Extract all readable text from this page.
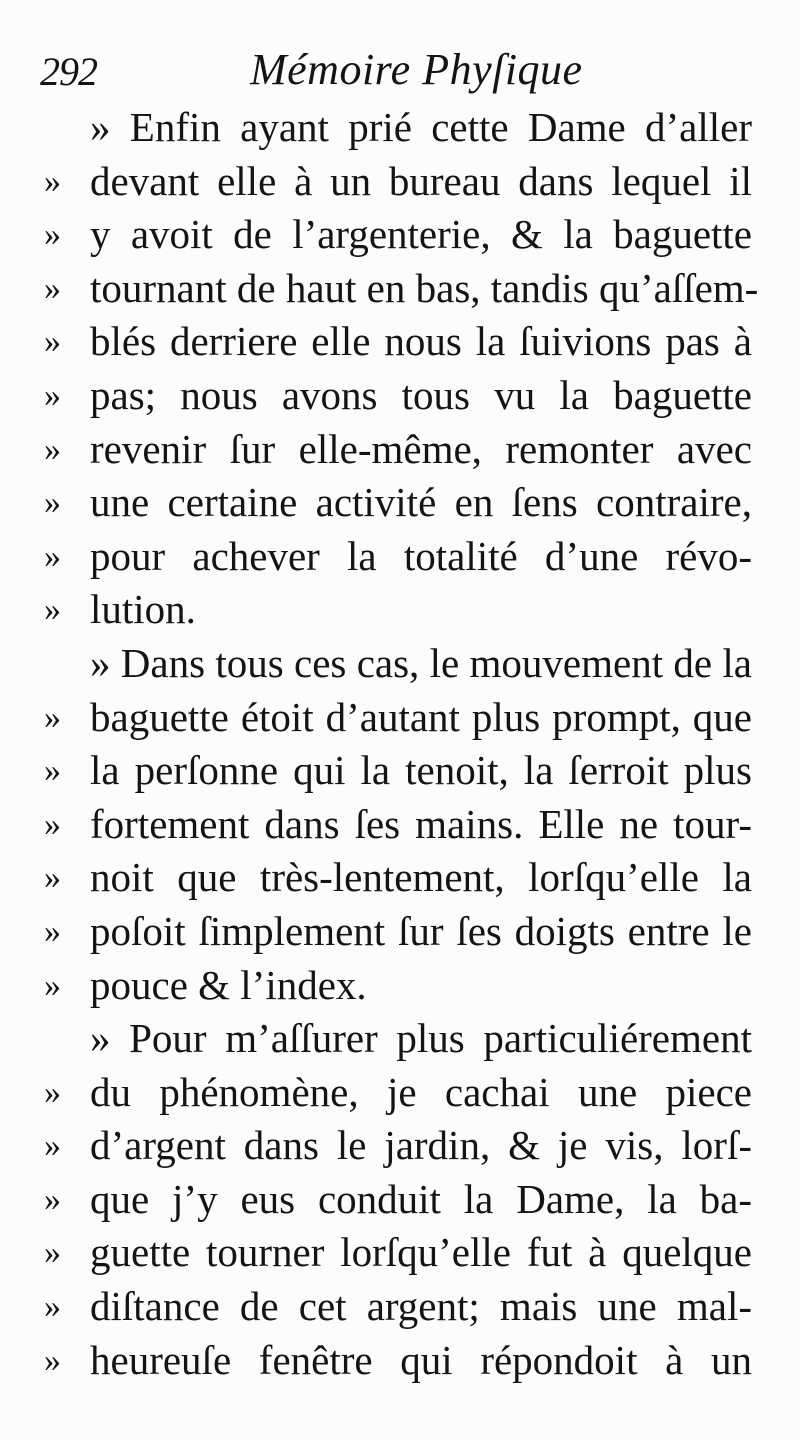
292	Mémoire Phyſique
» Enfin ayant prié cette Dame d’aller
» devant elle à un bureau dans lequel il
» y avoit de l’argenterie, & la baguette
» tournant de haut en bas, tandis qu’aſſem-
» blés derriere elle nous la ſuivions pas à
» pas; nous avons tous vu la baguette
» revenir ſur elle-même, remonter avec
» une certaine activité en ſens contraire,
» pour achever la totalité d’une révo-
» lution.
» Dans tous ces cas, le mouvement de la
» baguette étoit d’autant plus prompt, que
» la perſonne qui la tenoit, la ſerroit plus
» fortement dans ſes mains. Elle ne tour-
» noit que très-lentement, lorſqu’elle la
» poſoit ſimplement ſur ſes doigts entre le
» pouce & l’index.
» Pour m’aſſurer plus particuliérement
» du phénomène, je cachai une piece
» d’argent dans le jardin, & je vis, lorſ-
» que j’y eus conduit la Dame, la ba-
» guette tourner lorſqu’elle fut à quelque
» diſtance de cet argent; mais une mal-
» heureuſe fenêtre qui répondoit à un
